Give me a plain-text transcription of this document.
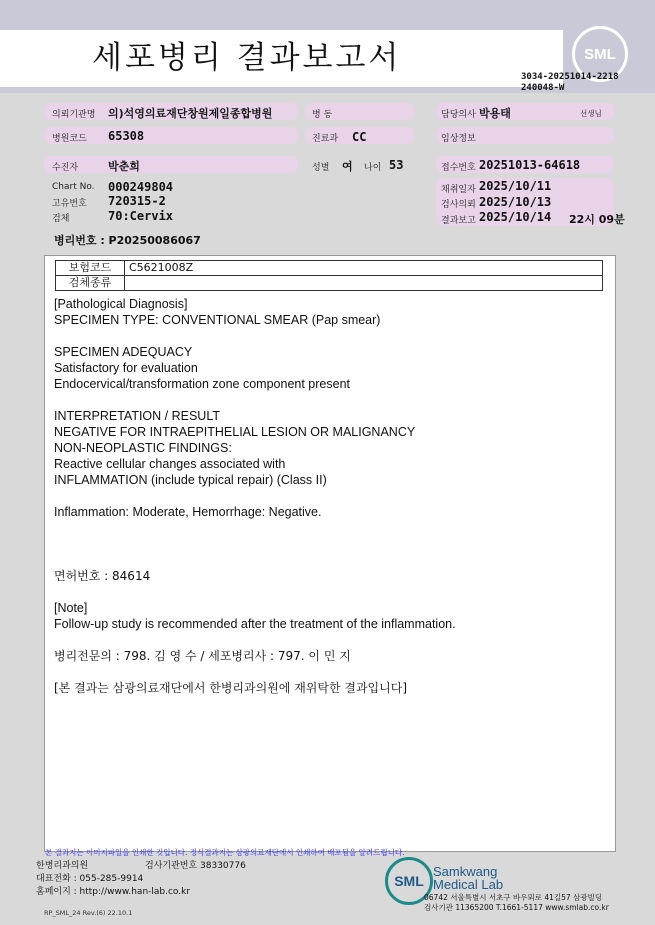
세포병리 결과보고서	SML
3034-20251014-2218
240048-W
의뢰기관명 의)석영의료재단창원제일종합병원	병 동	담당의사 박용태	선생님
병원코드 65308	진료과 CC	임상정보
수진자	박춘희	성별 여 나이 53	접수번호 20251013-64618
Chart No. 000249804
고유번호 720315-2
검체	70:Cervix
채취일자 2025/10/11
검사의뢰 2025/10/13
결과보고 2025/10/14 22시 09분
병리번호 : P20250086067
보험코드	C5621008Z
검체종류	

[Pathological Diagnosis]

SPECIMEN TYPE: CONVENTIONAL SMEAR (Pap smear)

SPECIMEN ADEQUACY

Satisfactory for evaluation

Endocervical/transformation zone component present

INTERPRETATION / RESULT

NEGATIVE FOR INTRAEPITHELIAL LESION OR MALIGNANCY

NON-NEOPLASTIC FINDINGS:

Reactive cellular changes associated with

INFLAMMATION (include typical repair) (Class II)

Inflammation: Moderate, Hemorrhage: Negative.

면허번호 : 84614

[Note]

Follow-up study is recommended after the treatment of the inflammation.

병리전문의 : 798. 김 영 수 / 세포병리사 : 797. 이 민 지

[본 결과는 삼광의료재단에서 한병리과의원에 재위탁한 결과입니다]

본 결과지는 이미지파일을 인쇄한 것입니다. 정식결과지는 삼광의료재단에서 인쇄하여 배포됨을 알려드립니다.
한병리과의원	검사기관번호 38330776
대표전화 : 055-285-9914
홈페이지 : http://www.han-lab.co.kr
SML
Samkwang
Medical Lab
06742 서울특별시 서초구 바우뫼로 41길57 삼광빌딩
검사기관 11365200 T.1661-5117 www.smlab.co.kr
RP_SML_24 Rev.(6) 22.10.1
